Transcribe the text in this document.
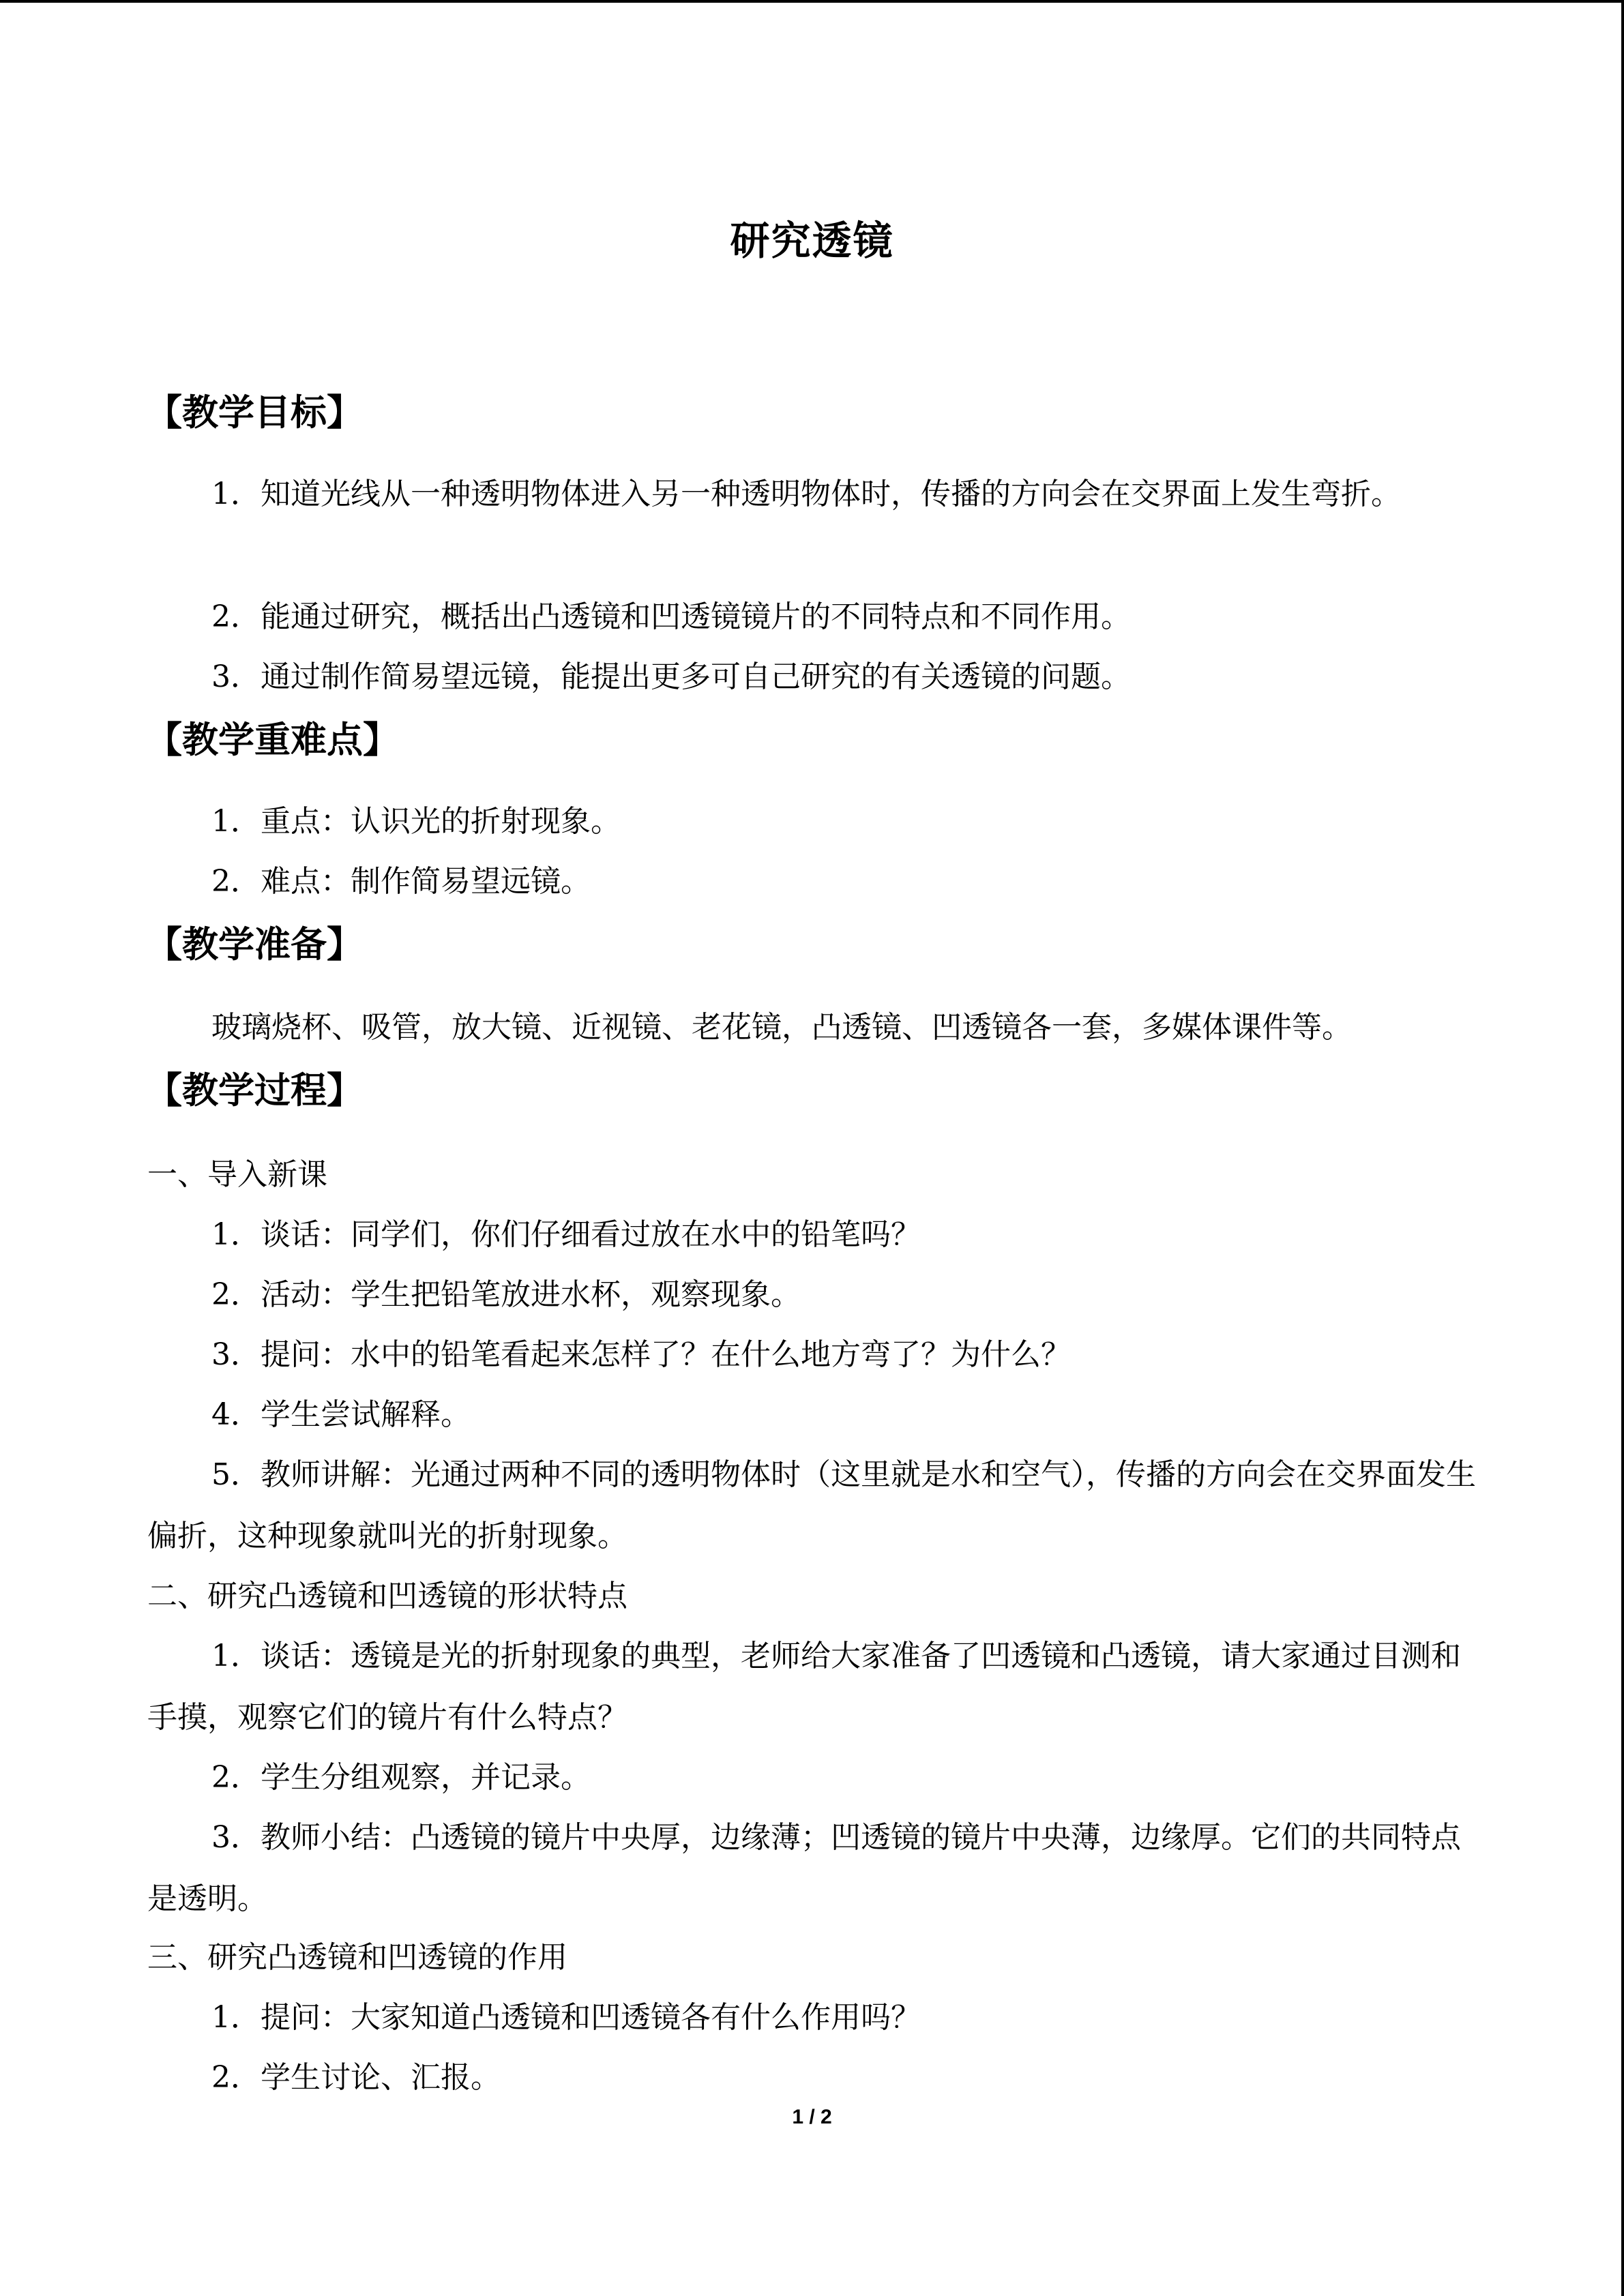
研究透镜
【教学目标】
1．知道光线从一种透明物体进入另一种透明物体时，传播的方向会在交界面上发生弯折。
2．能通过研究，概括出凸透镜和凹透镜镜片的不同特点和不同作用。
3．通过制作简易望远镜，能提出更多可自己研究的有关透镜的问题。
【教学重难点】
1．重点：认识光的折射现象。
2．难点：制作简易望远镜。
【教学准备】
玻璃烧杯、吸管，放大镜、近视镜、老花镜，凸透镜、凹透镜各一套，多媒体课件等。
【教学过程】
一、导入新课
1．谈话：同学们，你们仔细看过放在水中的铅笔吗？
2．活动：学生把铅笔放进水杯，观察现象。
3．提问：水中的铅笔看起来怎样了？在什么地方弯了？为什么？
4．学生尝试解释。
5．教师讲解：光通过两种不同的透明物体时（这里就是水和空气），传播的方向会在交界面发生偏折，这种现象就叫光的折射现象。
二、研究凸透镜和凹透镜的形状特点
1．谈话：透镜是光的折射现象的典型，老师给大家准备了凹透镜和凸透镜，请大家通过目测和手摸，观察它们的镜片有什么特点？
2．学生分组观察，并记录。
3．教师小结：凸透镜的镜片中央厚，边缘薄；凹透镜的镜片中央薄，边缘厚。它们的共同特点是透明。
三、研究凸透镜和凹透镜的作用
1．提问：大家知道凸透镜和凹透镜各有什么作用吗？
2．学生讨论、汇报。
1 / 2
